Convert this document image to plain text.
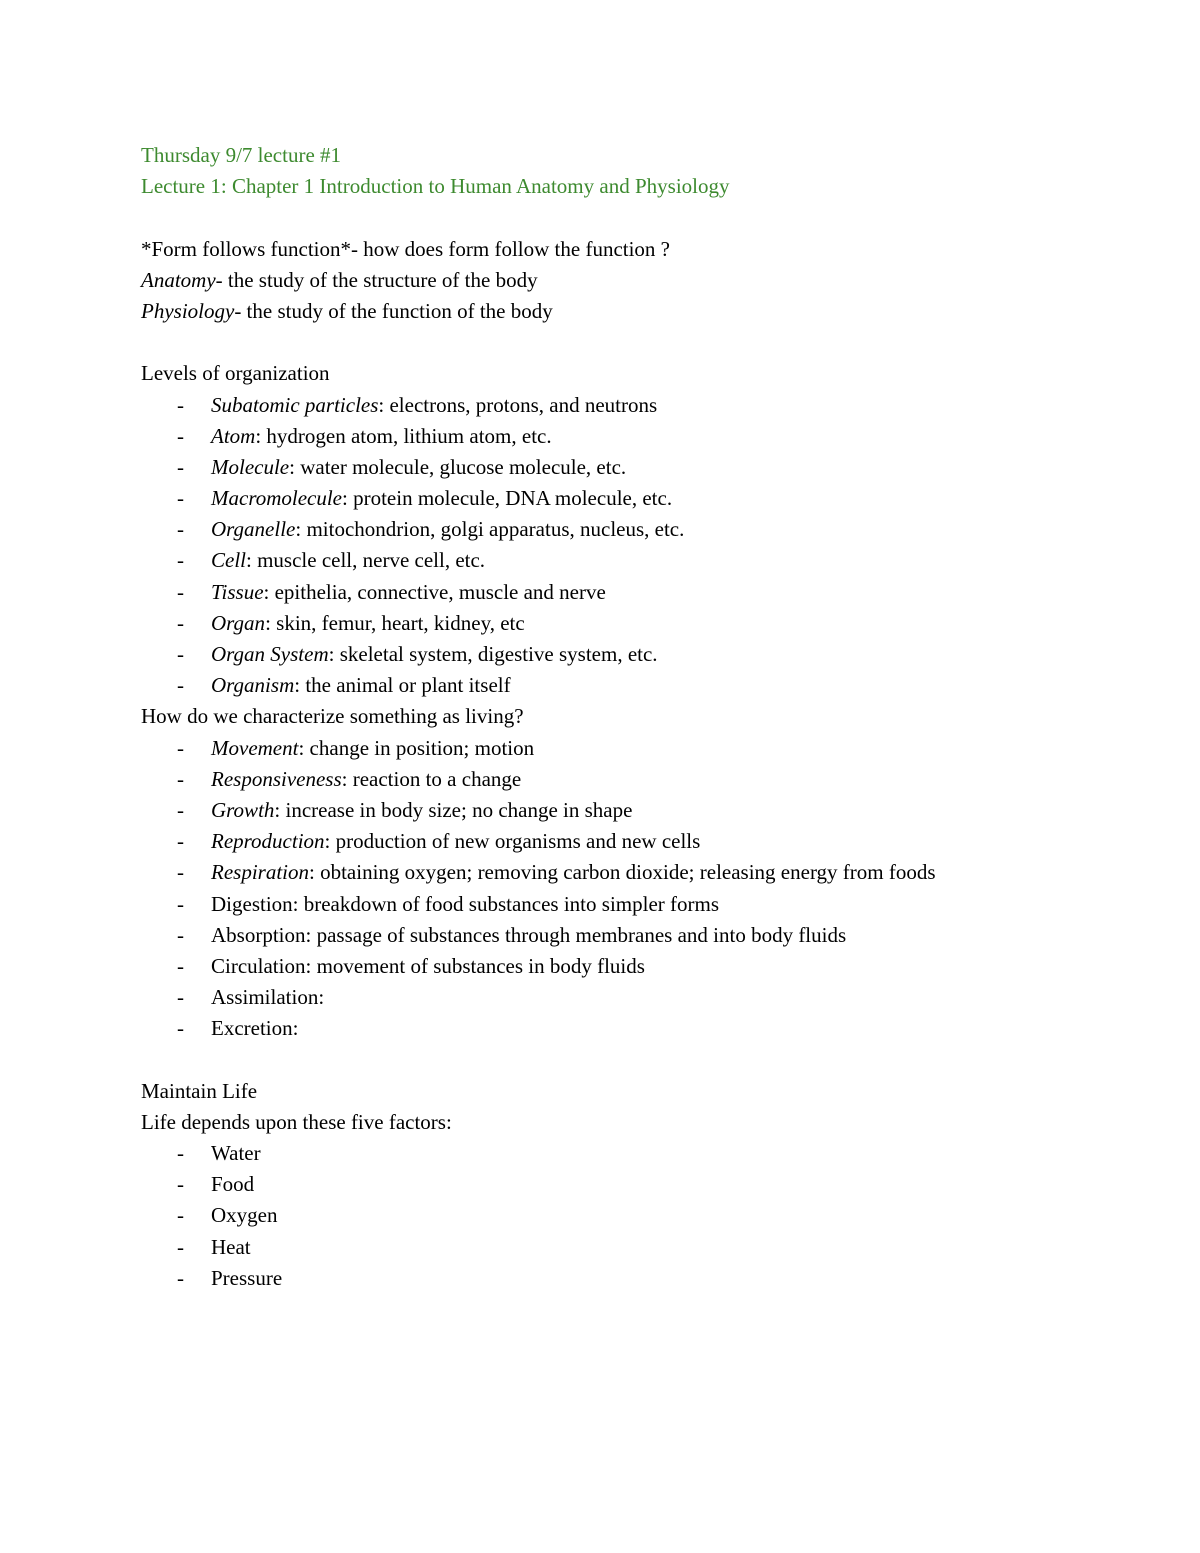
Thursday 9/7 lecture #1
Lecture 1: Chapter 1 Introduction to Human Anatomy and Physiology
*Form follows function*- how does form follow the function ?
Anatomy- the study of the structure of the body
Physiology- the study of the function of the body
Levels of organization
- Subatomic particles: electrons, protons, and neutrons
- Atom: hydrogen atom, lithium atom, etc.
- Molecule: water molecule, glucose molecule, etc.
- Macromolecule: protein molecule, DNA molecule, etc.
- Organelle: mitochondrion, golgi apparatus, nucleus, etc.
- Cell: muscle cell, nerve cell, etc.
- Tissue: epithelia, connective, muscle and nerve
- Organ: skin, femur, heart, kidney, etc
- Organ System: skeletal system, digestive system, etc.
- Organism: the animal or plant itself
How do we characterize something as living?
- Movement: change in position; motion
- Responsiveness: reaction to a change
- Growth: increase in body size; no change in shape
- Reproduction: production of new organisms and new cells
- Respiration: obtaining oxygen; removing carbon dioxide; releasing energy from foods
- Digestion: breakdown of food substances into simpler forms
- Absorption: passage of substances through membranes and into body fluids
- Circulation: movement of substances in body fluids
- Assimilation:
- Excretion:
Maintain Life
Life depends upon these five factors:
- Water
- Food
- Oxygen
- Heat
- Pressure
